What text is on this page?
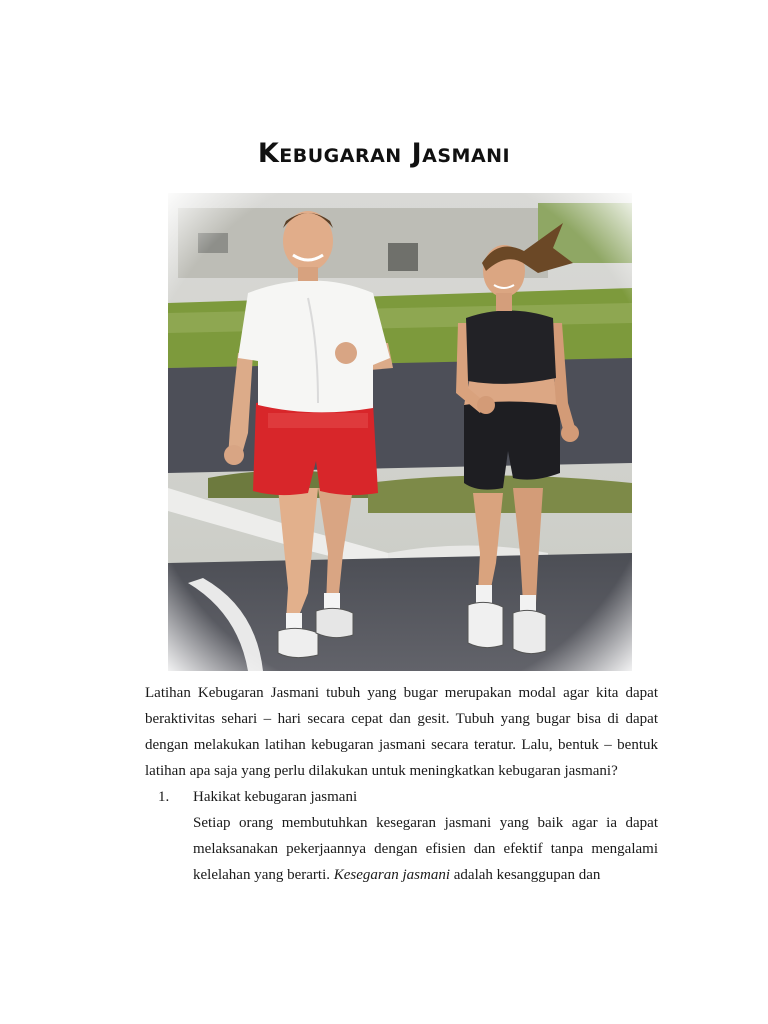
Kebugaran Jasmani

Latihan Kebugaran Jasmani tubuh yang bugar merupakan modal agar kita dapat beraktivitas sehari – hari secara cepat dan gesit. Tubuh yang bugar bisa di dapat dengan melakukan latihan kebugaran jasmani secara teratur. Lalu, bentuk – bentuk latihan apa saja yang perlu dilakukan untuk meningkatkan kebugaran jasmani?

1. Hakikat kebugaran jasmani

Setiap orang membutuhkan kesegaran jasmani yang baik agar ia dapat melaksanakan pekerjaannya dengan efisien dan efektif tanpa mengalami kelelahan yang berarti. Kesegaran jasmani adalah kesanggupan dan
